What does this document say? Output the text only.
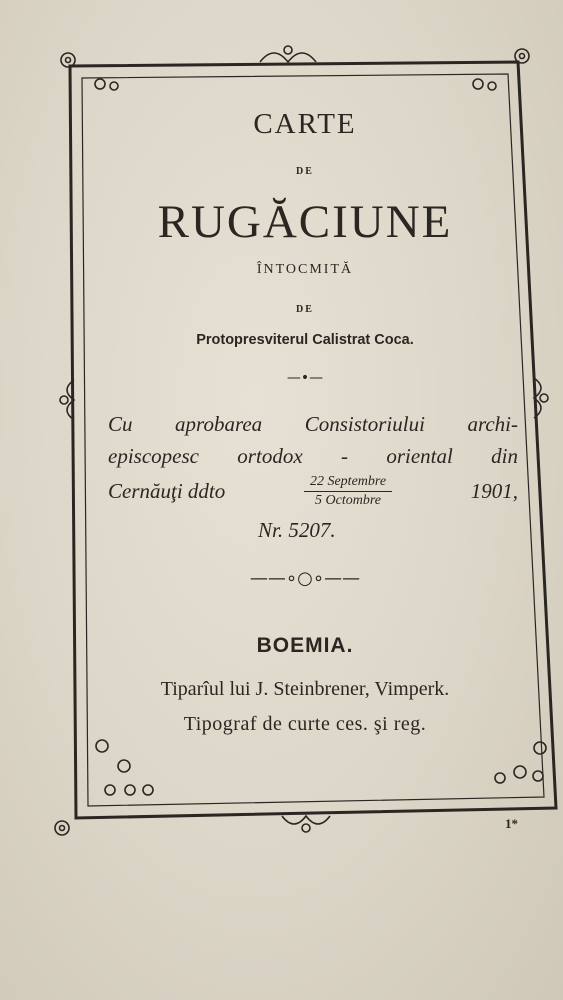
CARTE
DE
RUGĂCIUNE
ÎNTOCMITĂ
DE
Protopresviterul Calistrat Coca.
—•—
Cu aprobarea Consistoriului archi-
episcopesc ortodox - oriental din
Cernăuţi ddto	$\frac{\text{22 Septembre}}{\text{5 Octombre}}$	1901,
Nr. 5207.
——∘○∘——
BOEMIA.
Tiparîul lui J. Steinbrener, Vimperk.
Tipograf de curte ces. şi reg.
1*
